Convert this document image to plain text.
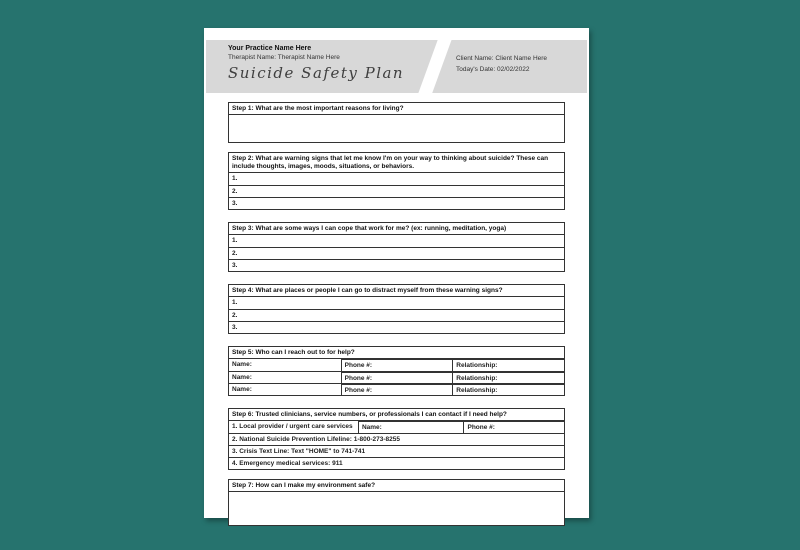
Your Practice Name Here
Therapist Name: Therapist Name Here
Suicide Safety Plan
Client Name: Client Name Here
Today's Date: 02/02/2022
Step 1: What are the most important reasons for living?
Step 2: What are warning signs that let me know I'm on your way to thinking about suicide? These can include thoughts, images, moods, situations, or behaviors.
1.
2.
3.
Step 3: What are some ways I can cope that work for me? (ex: running, meditation, yoga)
1.
2.
3.
Step 4: What are places or people I can go to distract myself from these warning signs?
1.
2.
3.
Step 5: Who can I reach out to for help?
Name:	Phone #:	Relationship:
Name:	Phone #:	Relationship:
Name:	Phone #:	Relationship:
Step 6: Trusted clinicians, service numbers, or professionals I can contact if I need help?
1. Local provider / urgent care services	Name:	Phone #:
2. National Suicide Prevention Lifeline: 1-800-273-8255
3. Crisis Text Line: Text "HOME" to 741-741
4. Emergency medical services: 911
Step 7: How can I make my environment safe?
